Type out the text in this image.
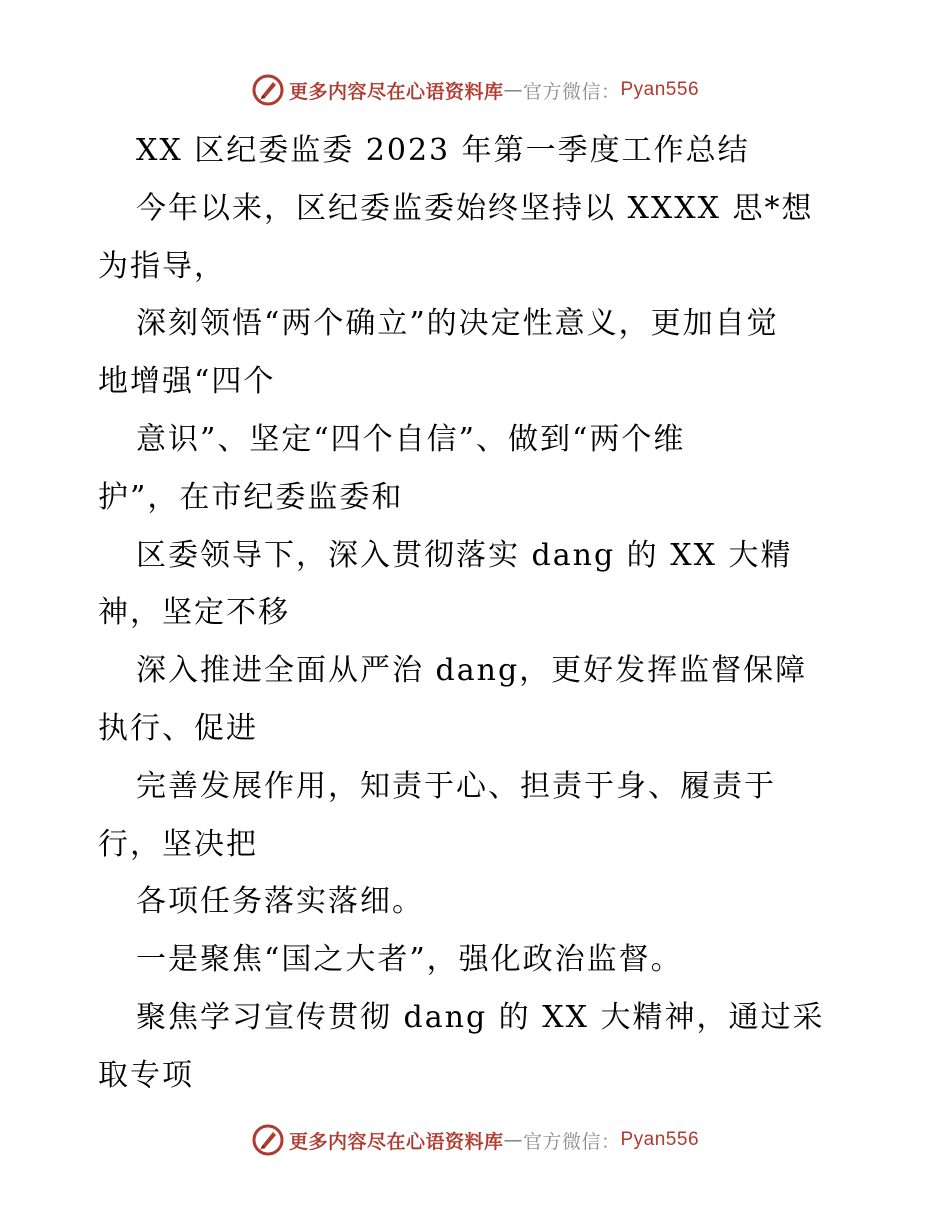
更多内容尽在心语资料库 — 官方微信： Pyan556
XX 区纪委监委 2023 年第一季度工作总结
今年以来，区纪委监委始终坚持以 XXXX 思*想
为指导，
深刻领悟“两个确立”的决定性意义，更加自觉
地增强“四个
意识”、坚定“四个自信”、做到“两个维
护”，在市纪委监委和
区委领导下，深入贯彻落实 dang 的 XX 大精
神，坚定不移
深入推进全面从严治 dang，更好发挥监督保障
执行、促进
完善发展作用，知责于心、担责于身、履责于
行，坚决把
各项任务落实落细。
一是聚焦“国之大者”，强化政治监督。
聚焦学习宣传贯彻 dang 的 XX 大精神，通过采
取专项
更多内容尽在心语资料库 — 官方微信： Pyan556
